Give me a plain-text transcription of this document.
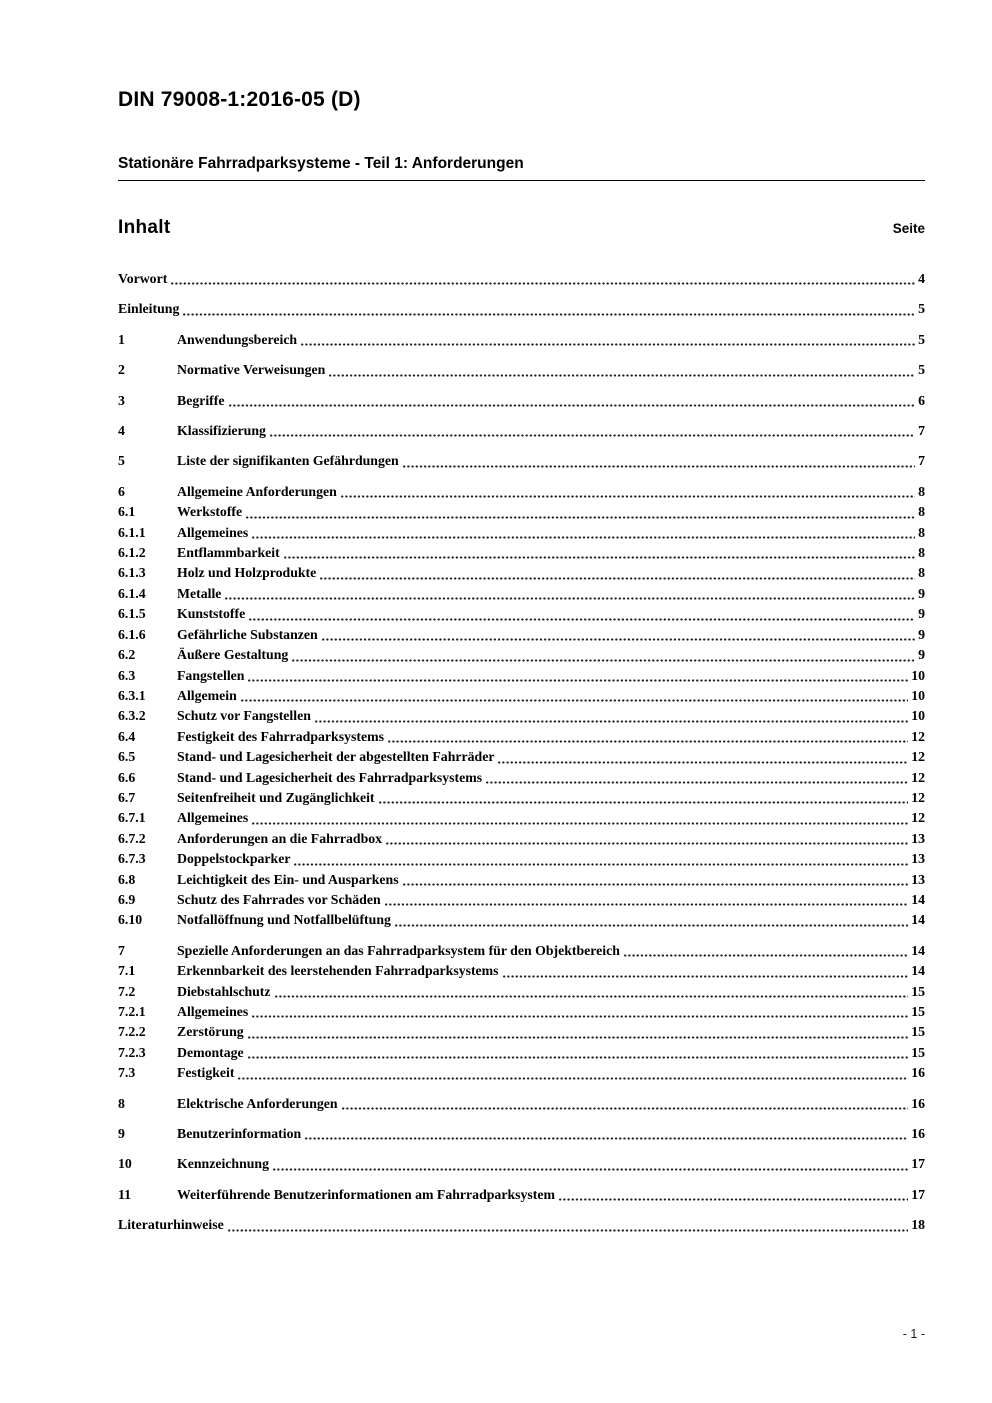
DIN 79008-1:2016-05 (D)
Stationäre Fahrradparksysteme - Teil 1: Anforderungen
Inhalt	Seite
Vorwort	4
Einleitung	5
1	Anwendungsbereich	5
2	Normative Verweisungen	5
3	Begriffe	6
4	Klassifizierung	7
5	Liste der signifikanten Gefährdungen	7
6	Allgemeine Anforderungen	8
6.1	Werkstoffe	8
6.1.1	Allgemeines	8
6.1.2	Entflammbarkeit	8
6.1.3	Holz und Holzprodukte	8
6.1.4	Metalle	9
6.1.5	Kunststoffe	9
6.1.6	Gefährliche Substanzen	9
6.2	Äußere Gestaltung	9
6.3	Fangstellen	10
6.3.1	Allgemein	10
6.3.2	Schutz vor Fangstellen	10
6.4	Festigkeit des Fahrradparksystems	12
6.5	Stand- und Lagesicherheit der abgestellten Fahrräder	12
6.6	Stand- und Lagesicherheit des Fahrradparksystems	12
6.7	Seitenfreiheit und Zugänglichkeit	12
6.7.1	Allgemeines	12
6.7.2	Anforderungen an die Fahrradbox	13
6.7.3	Doppelstockparker	13
6.8	Leichtigkeit des Ein- und Ausparkens	13
6.9	Schutz des Fahrrades vor Schäden	14
6.10	Notfallöffnung und Notfallbelüftung	14
7	Spezielle Anforderungen an das Fahrradparksystem für den Objektbereich	14
7.1	Erkennbarkeit des leerstehenden Fahrradparksystems	14
7.2	Diebstahlschutz	15
7.2.1	Allgemeines	15
7.2.2	Zerstörung	15
7.2.3	Demontage	15
7.3	Festigkeit	16
8	Elektrische Anforderungen	16
9	Benutzerinformation	16
10	Kennzeichnung	17
11	Weiterführende Benutzerinformationen am Fahrradparksystem	17
Literaturhinweise	18
- 1 -
